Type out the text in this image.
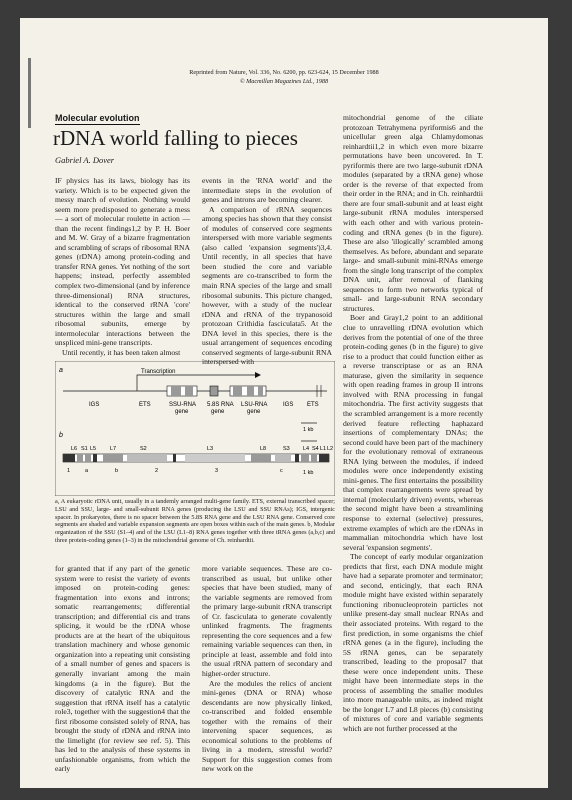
Reprinted from Nature, Vol. 336, No. 6200, pp. 623-624, 15 December 1988
© Macmillan Magazines Ltd., 1988
Molecular evolution
rDNA world falling to pieces
Gabriel A. Dover

IF physics has its laws, biology has its variety. Which is to be expected given the messy march of evolution. Nothing would seem more predisposed to generate a mess — a sort of molecular roulette in action — than the recent findings1,2 by P. H. Boer and M. W. Gray of a bizarre fragmentation and scrambling of scraps of ribosomal RNA genes (rDNA) among protein-coding and transfer RNA genes. Yet nothing of the sort happens; instead, perfectly assembled complex two-dimensional (and by inference three-dimensional) RNA structures, identical to the conserved rRNA 'core' structures within the large and small ribosomal subunits, emerge by intermolecular interactions between the unspliced mini-gene transcripts.

Until recently, it has been taken almost

events in the 'RNA world' and the intermediate steps in the evolution of genes and introns are becoming clearer.

A comparison of rRNA sequences among species has shown that they consist of modules of conserved core segments interspersed with more variable segments (also called 'expansion segments')3,4. Until recently, in all species that have been studied the core and variable segments are co-transcribed to form the main RNA species of the large and small ribosomal subunits. This picture changed, however, with a study of the nuclear rDNA and rRNA of the trypanosoid protozoan Crithidia fasciculata5. At the DNA level in this species, there is the usual arrangement of sequences encoding conserved segments of large-subunit RNA interspersed with

mitochondrial genome of the ciliate protozoan Tetrahymena pyriformis6 and the unicellular green alga Chlamydomonas reinhardtii1,2 in which even more bizarre permutations have been uncovered. In T. pyriformis there are two large-subunit rDNA modules (separated by a tRNA gene) whose order is the reverse of that expected from their order in the RNA; and in Ch. reinhardtii there are four small-subunit and at least eight large-subunit rRNA modules interspersed with each other and with various protein-coding and tRNA genes (b in the figure). These are also 'illogically' scrambled among themselves. As before, abundant and separate large- and small-subunit mini-RNAs emerge from the single long transcript of the complex DNA unit, after removal of flanking sequences to form two networks typical of small- and large-subunit RNA secondary structures.

Boer and Gray1,2 point to an additional clue to unravelling rDNA evolution which derives from the potential of one of the three protein-coding genes (b in the figure) to give rise to a product that could function either as a reverse transcriptase or as an RNA maturase, given the similarity in sequence with open reading frames in group II introns involved with RNA processing in fungal mitochondria. The first activity suggests that the scrambled arrangement is a more recently derived feature reflecting haphazard insertions of complementary DNAs; the second could have been part of the machinery for the evolutionary removal of extraneous RNA lying between the modules, if indeed modules were once independently existing mini-genes. The first entertains the possibility that complex rearrangements were spread by internal (molecularly driven) events, whereas the second might have been a streamlining response to external (selective) pressures, extreme examples of which are the rDNAs in mammalian mitochondria which have lost several 'expansion segments'.

The concept of early modular organization predicts that first, each DNA module might have had a separate promoter and terminator; and second, enticingly, that each RNA module might have existed within separately functioning ribonucleoprotein particles not unlike present-day small nuclear RNAs and their associated proteins. With regard to the first prediction, in some organisms the chief rRNA genes (a in the figure), including the 5S rRNA genes, can be separately transcribed, leading to the proposal7 that these were once independent units. These might have been intermediate steps in the process of assembling the smaller modules into more manageable units, as indeed might be the longer L7 and L8 pieces (b) consisting of mixtures of core and variable segments which are not further processed at the

a	Transcription
IGS	ETS	SSU-RNA
gene
5.8S RNA
gene
LSU-RNA
gene
IGS ETS
1 kb
b
L6 S1 L5	L7	S2	L3	L8	S3 L4 S4 L1 L2
1 kb
1	a	b	2	3	c
a, A eukaryotic rDNA unit, usually in a tandemly arranged multi-gene family. ETS, external transcribed spacer; LSU and SSU, large- and small-subunit RNA genes (producing the LSU and SSU RNAs); IGS, intergenic spacer. In prokaryotes, there is no spacer between the 5.8S RNA gene and the LSU RNA gene. Conserved core segments are shaded and variable expansion segments are open boxes within each of the main genes. b, Modular organization of the SSU (S1–4) and of the LSU (L1–8) RNA genes together with three tRNA genes (a,b,c) and three protein-coding genes (1–3) in the mitochondrial genome of Ch. reinhardtii.

for granted that if any part of the genetic system were to resist the variety of events imposed on protein-coding genes: fragmentation into exons and introns; somatic rearrangements; differential transcription; and differential cis and trans splicing, it would be the rDNA whose products are at the heart of the ubiquitous translation machinery and whose genomic organization into a repeating unit consisting of a small number of genes and spacers is generally invariant among the main kingdoms (a in the figure). But the discovery of catalytic RNA and the suggestion that rRNA itself has a catalytic role3, together with the suggestion4 that the first ribosome consisted solely of RNA, has brought the study of rDNA and rRNA into the limelight (for review see ref. 5). This has led to the analysis of these systems in unfashionable organisms, from which the early

more variable sequences. These are co-transcribed as usual, but unlike other species that have been studied, many of the variable segments are removed from the primary large-subunit rRNA transcript of Cr. fasciculata to generate covalently unlinked fragments. The fragments representing the core sequences and a few remaining variable sequences can then, in principle at least, assemble and fold into the usual rRNA pattern of secondary and higher-order structure.

Are the modules the relics of ancient mini-genes (DNA or RNA) whose descendants are now physically linked, co-transcribed and folded ensemble together with the remains of their intervening spacer sequences, as economical solutions to the problems of living in a modern, stressful world? Support for this suggestion comes from new work on the
